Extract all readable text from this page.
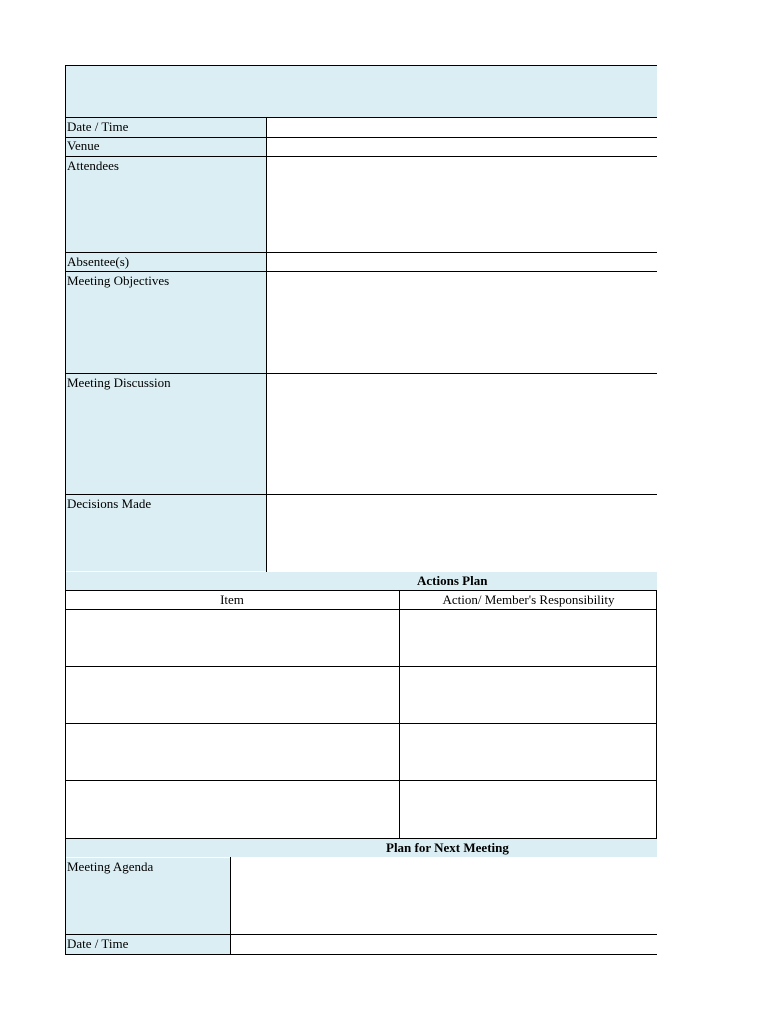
Date / Time
Venue
Attendees
Absentee(s)
Meeting Objectives
Meeting Discussion
Decisions Made
Actions Plan
Item	Action/ Member's Responsibility
Plan for Next Meeting
Meeting Agenda
Date / Time
